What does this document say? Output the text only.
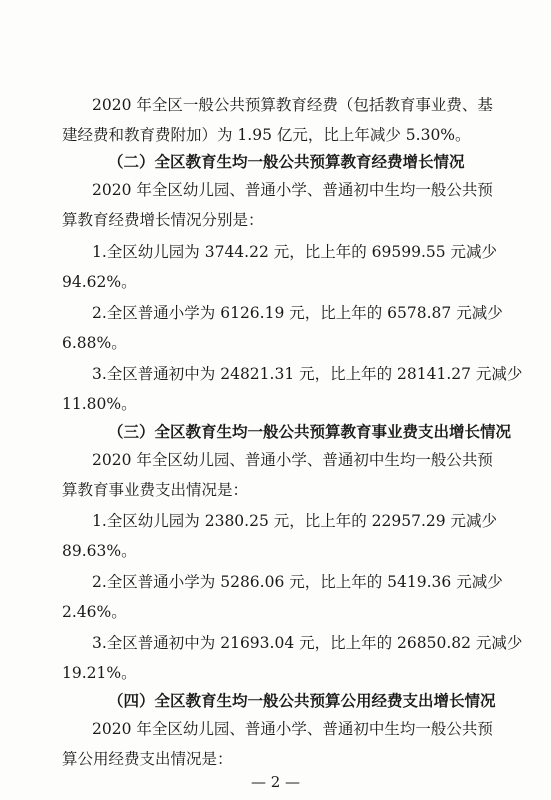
2020 年全区一般公共预算教育经费（包括教育事业费、基
建经费和教育费附加）为 1.95 亿元，比上年减少 5.30%。
（二）全区教育生均一般公共预算教育经费增长情况
2020 年全区幼儿园、普通小学、普通初中生均一般公共预
算教育经费增长情况分别是：
1.全区幼儿园为 3744.22 元，比上年的 69599.55 元减少
94.62%。
2.全区普通小学为 6126.19 元，比上年的 6578.87 元减少
6.88%。
3.全区普通初中为 24821.31 元，比上年的 28141.27 元减少
11.80%。
（三）全区教育生均一般公共预算教育事业费支出增长情况
2020 年全区幼儿园、普通小学、普通初中生均一般公共预
算教育事业费支出情况是：
1.全区幼儿园为 2380.25 元，比上年的 22957.29 元减少
89.63%。
2.全区普通小学为 5286.06 元，比上年的 5419.36 元减少
2.46%。
3.全区普通初中为 21693.04 元，比上年的 26850.82 元减少
19.21%。
（四）全区教育生均一般公共预算公用经费支出增长情况
2020 年全区幼儿园、普通小学、普通初中生均一般公共预
算公用经费支出情况是：
— 2 —
